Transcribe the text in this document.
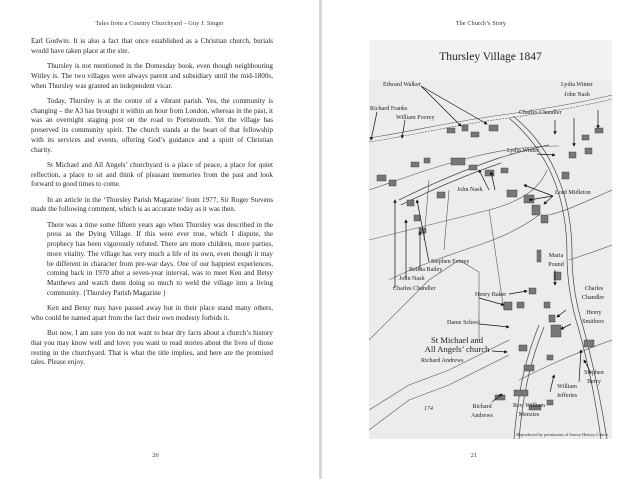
Tales from a Country Churchyard – Guy J. Singer

Earl Godwin. It is also a fact that once established as a Christian church, burials would have taken place at the site.

Thursley is not mentioned in the Domesday book, even though neighbouring Witley is. The two villages were always parent and subsidiary until the mid-1800s, when Thursley was granted an independent vicar.

Today, Thursley is at the centre of a vibrant parish. Yes, the community is changing – the A3 has brought it within an hour from London, whereas in the past, it was an overnight staging post on the road to Portsmouth. Yet the village has preserved its community spirit. The church stands at the heart of that fellowship with its services and events, offering God’s guidance and a spirit of Christian charity.

St Michael and All Angels’ churchyard is a place of peace, a place for quiet reflection, a place to sit and think of pleasant memories from the past and look forward to good times to come.

In an article in the ‘Thursley Parish Magazine’ from 1977, Sir Roger Stevens made the following comment, which is as accurate today as it was then.

There was a time some fifteen years ago when Thursley was described in the press as the Dying Village. If this were ever true, which I dispute, the prophecy has been vigorously refuted. There are more children, more parties, more vitality. The village has very much a life of its own, even though it may be different in character from pre-war days. One of our happiest experiences, coming back in 1970 after a seven-year interval, was to meet Ken and Betsy Matthews and watch them doing so much to weld the village into a living community. {Thursley Parish Magazine }

Ken and Betsy may have passed away but in their place stand many others, who could be named apart from the fact their own modesty forbids it.

But now, I am sure you do not want to hear dry facts about a church’s history that you may know well and love; you want to read stories about the lives of those resting in the churchyard. That is what the title implies, and here are the promised tales. Please enjoy.

20
The Church’s Story
174
Thursley Village 1847
Edward Walker	Lydia Winter
John Nash
Richard Franks
William Foorey
Charles Chandler
Lydia Winter
John Nash	Lord Midleton
Stephen Foorey
Bethia Bailey
John Nash
Charles Chandler
Maria
Pound
Charles
Chandler
Henry Baker
Henry
Smithers
Dame School
St Michael and
All Angels’ church
Richard Andrews
Stephen
Berry
William
Jefferies
Richard
Andrews
Rev. William
Menzies
Reproduced by permission of Surrey History Centre
21
